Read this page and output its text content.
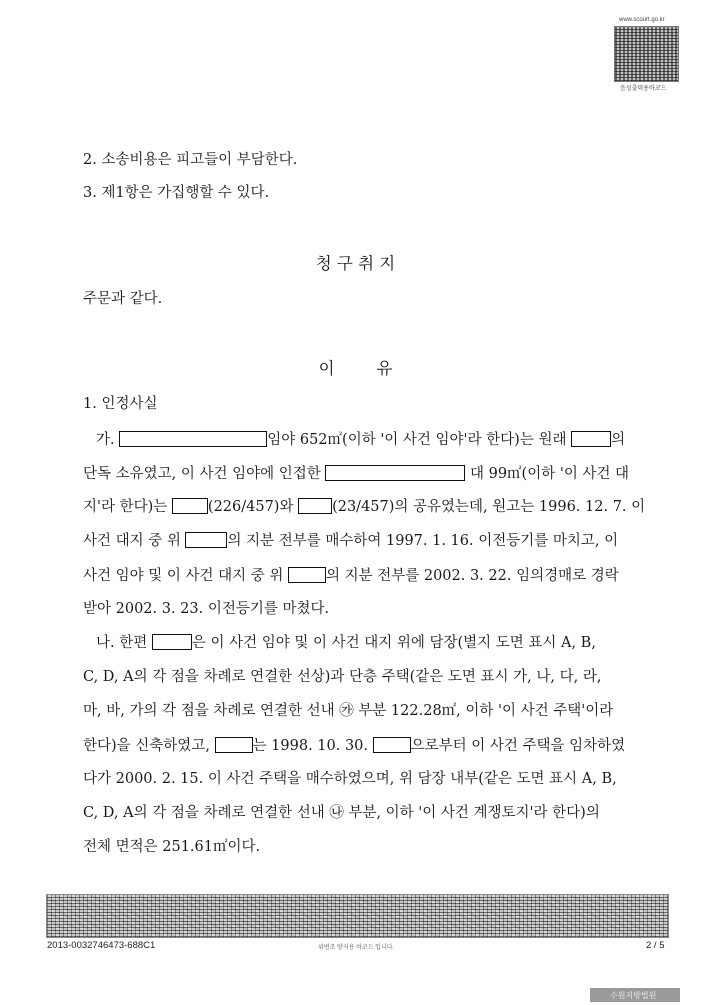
www.scourt.go.kr
음성출력용바코드
2. 소송비용은 피고들이 부담한다.
3. 제1항은 가집행할 수 있다.
청 구 취 지
주문과 같다.
이        유
1. 인정사실
가.	임야 652㎡(이하 '이 사건 임야'라 한다)는 원래	의
단독 소유였고, 이 사건 임야에 인접한	대 99㎡(이하 '이 사건 대
지'라 한다)는	(226/457)와	(23/457)의 공유였는데, 원고는 1996. 12. 7. 이
사건 대지 중 위	의 지분 전부를 매수하여 1997. 1. 16. 이전등기를 마치고, 이
사건 임야 및 이 사건 대지 중 위	의 지분 전부를 2002. 3. 22. 임의경매로 경락
받아 2002. 3. 23. 이전등기를 마쳤다.
나. 한편	은 이 사건 임야 및 이 사건 대지 위에 담장(별지 도면 표시 A, B,
C, D, A의 각 점을 차례로 연결한 선상)과 단층 주택(같은 도면 표시 가, 나, 다, 라,
마, 바, 가의 각 점을 차례로 연결한 선내 ㉮ 부분 122.28㎡, 이하 '이 사건 주택'이라
한다)을 신축하였고,	는 1998. 10. 30.	으로부터 이 사건 주택을 임차하였
다가 2000. 2. 15. 이 사건 주택을 매수하였으며, 위 담장 내부(같은 도면 표시 A, B,
C, D, A의 각 점을 차례로 연결한 선내 ㉯ 부분, 이하 '이 사건 계쟁토지'라 한다)의
전체 면적은 251.61㎡이다.
2013-0032746473-688C1	위변조 방지용 바코드 입니다.	2 / 5
수원지방법원
